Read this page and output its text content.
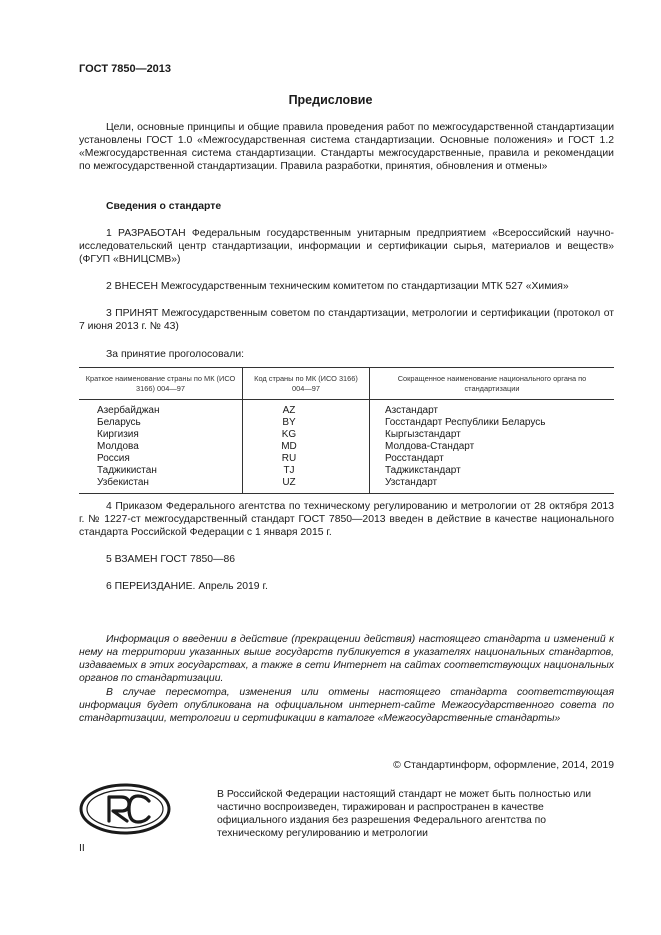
ГОСТ 7850—2013
Предисловие
Цели, основные принципы и общие правила проведения работ по межгосударственной стандартизации установлены ГОСТ 1.0 «Межгосударственная система стандартизации. Основные положения» и ГОСТ 1.2 «Межгосударственная система стандартизации. Стандарты межгосударственные, правила и рекомендации по межгосударственной стандартизации. Правила разработки, принятия, обновления и отмены»
Сведения о стандарте
1 РАЗРАБОТАН Федеральным государственным унитарным предприятием «Всероссийский научно-исследовательский центр стандартизации, информации и сертификации сырья, материалов и веществ» (ФГУП «ВНИЦСМВ»)
2 ВНЕСЕН Межгосударственным техническим комитетом по стандартизации МТК 527 «Химия»
3 ПРИНЯТ Межгосударственным советом по стандартизации, метрологии и сертификации (протокол от 7 июня 2013 г. № 43)
За принятие проголосовали:
Краткое наименование страны по МК (ИСО 3166) 004—97	Код страны по МК (ИСО 3166) 004—97	Сокращенное наименование национального органа по стандартизации
Азербайджан	AZ	Азстандарт
Беларусь	BY	Госстандарт Республики Беларусь
Киргизия	KG	Кыргызстандарт
Молдова	MD	Молдова-Стандарт
Россия	RU	Росстандарт
Таджикистан	TJ	Таджикстандарт
Узбекистан	UZ	Узстандарт
4 Приказом Федерального агентства по техническому регулированию и метрологии от 28 октября 2013 г. № 1227-ст межгосударственный стандарт ГОСТ 7850—2013 введен в действие в качестве национального стандарта Российской Федерации с 1 января 2015 г.
5 ВЗАМЕН ГОСТ 7850—86
6 ПЕРЕИЗДАНИЕ. Апрель 2019 г.
Информация о введении в действие (прекращении действия) настоящего стандарта и изменений к нему на территории указанных выше государств публикуется в указателях национальных стандартов, издаваемых в этих государствах, а также в сети Интернет на сайтах соответствующих национальных органов по стандартизации.
В случае пересмотра, изменения или отмены настоящего стандарта соответствующая информация будет опубликована на официальном интернет-сайте Межгосударственного совета по стандартизации, метрологии и сертификации в каталоге «Межгосударственные стандарты»
© Стандартинформ, оформление, 2014, 2019
В Российской Федерации настоящий стандарт не может быть полностью или частично воспроизведен, тиражирован и распространен в качестве официального издания без разрешения Федерального агентства по техническому регулированию и метрологии
II
